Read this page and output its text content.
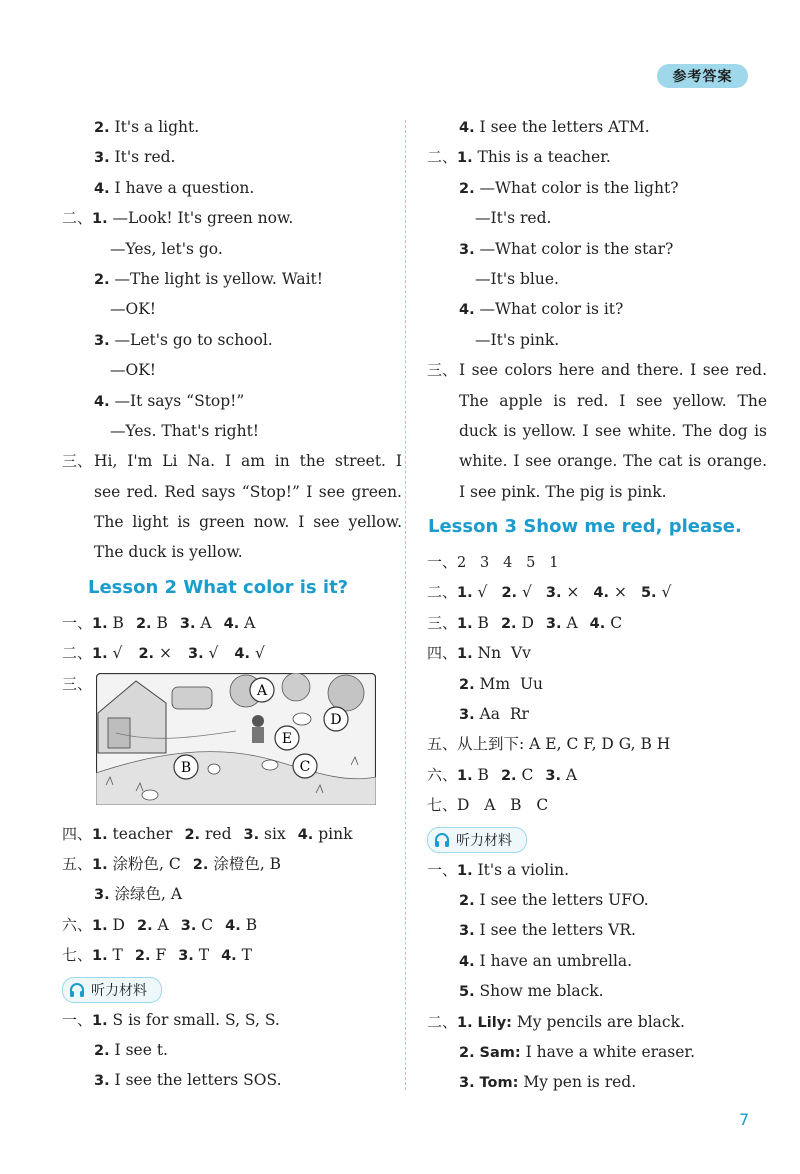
参考答案
2. It's a light.
3. It's red.
4. I have a question.
二、1. —Look! It's green now.
—Yes, let's go.
2. —The light is yellow. Wait!
—OK!
3. —Let's go to school.
—OK!
4. —It says “Stop!”
—Yes. That's right!
三、 Hi, I'm Li Na. I am in the street. I
see red. Red says “Stop!” I see green.
The light is green now. I see yellow.
The duck is yellow.
Lesson 2 What color is it?
一、1. B 2. B 3. A 4. A
二、1. √ 2. × 3. √ 4. √
三、	A
D
E
B	C
四、1. teacher 2. red 3. six 4. pink
五、1. 涂粉色, C 2. 涂橙色, B
3. 涂绿色, A
六、1. D 2. A 3. C 4. B
七、1. T 2. F 3. T 4. T
听力材料
一、1. S is for small. S, S, S.
2. I see t.
3. I see the letters SOS.
4. I see the letters ATM.
二、1. This is a teacher.
2. —What color is the light?
—It's red.
3. —What color is the star?
—It's blue.
4. —What color is it?
—It's pink.
三、 I see colors here and there. I see red.
The apple is red. I see yellow. The
duck is yellow. I see white. The dog is
white. I see orange. The cat is orange.
I see pink. The pig is pink.
Lesson 3 Show me red, please.
一、2   3   4   5   1
二、1. √ 2. √ 3. × 4. × 5. √
三、1. B 2. D 3. A 4. C
四、1. Nn  Vv
2. Mm  Uu
3. Aa  Rr
五、从上到下: A E, C F, D G, B H
六、1. B 2. C 3. A
七、D   A   B   C
听力材料
一、1. It's a violin.
2. I see the letters UFO.
3. I see the letters VR.
4. I have an umbrella.
5. Show me black.
二、1. Lily: My pencils are black.
2. Sam: I have a white eraser.
3. Tom: My pen is red.
7
